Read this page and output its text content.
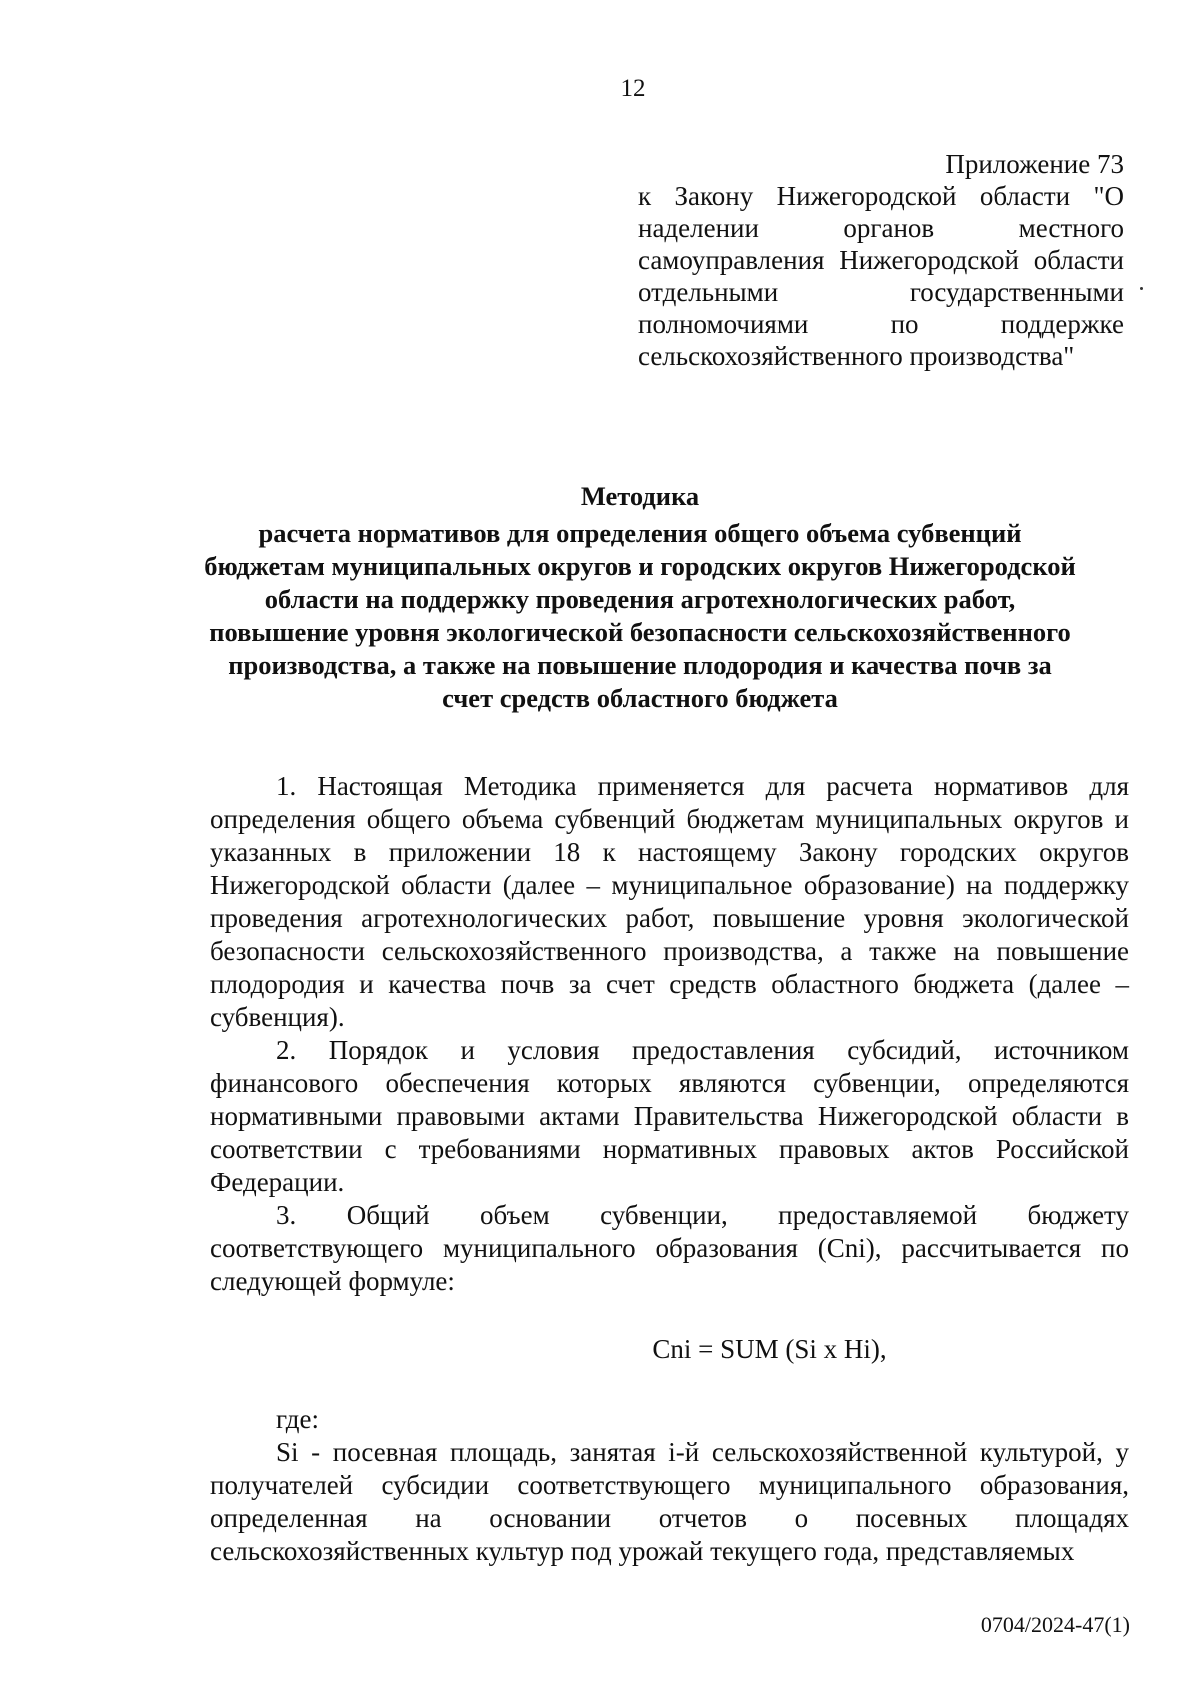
12
Приложение 73
к Закону Нижегородской области "О наделении органов местного самоуправления Нижегородской области отдельными государственными полномочиями по поддержке сельскохозяйственного производства"
Методика
расчета нормативов для определения общего объема субвенций бюджетам муниципальных округов и городских округов Нижегородской области на поддержку проведения агротехнологических работ, повышение уровня экологической безопасности сельскохозяйственного производства, а также на повышение плодородия и качества почв за счет средств областного бюджета

1. Настоящая Методика применяется для расчета нормативов для определения общего объема субвенций бюджетам муниципальных округов и указанных в приложении 18 к настоящему Закону городских округов Нижегородской области (далее – муниципальное образование) на поддержку проведения агротехнологических работ, повышение уровня экологической безопасности сельскохозяйственного производства, а также на повышение плодородия и качества почв за счет средств областного бюджета (далее – субвенция).

2. Порядок и условия предоставления субсидий, источником финансового обеспечения которых являются субвенции, определяются нормативными правовыми актами Правительства Нижегородской области в соответствии с требованиями нормативных правовых актов Российской Федерации.

3. Общий объем субвенции, предоставляемой бюджету соответствующего муниципального образования (Cni), рассчитывается по следующей формуле:

Cni = SUM (Si x Hi),

где:

Si - посевная площадь, занятая i-й сельскохозяйственной культурой, у получателей субсидии соответствующего муниципального образования, определенная на основании отчетов о посевных площадях сельскохозяйственных культур под урожай текущего года, представляемых

0704/2024-47(1)
